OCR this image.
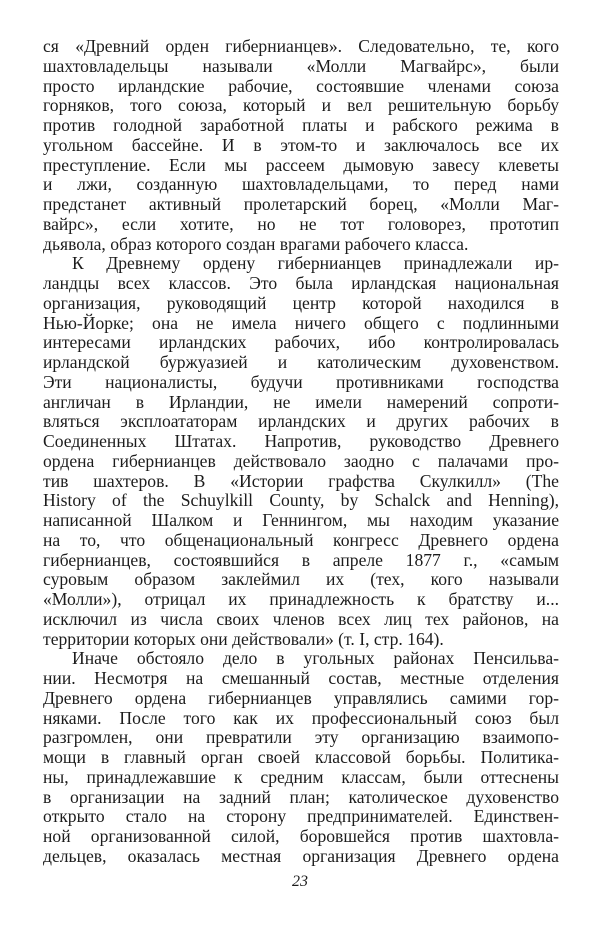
ся «Древний орден гибернианцев». Следовательно, те, кого
шахтовладельцы называли «Молли Магвайрс», были
просто ирландские рабочие, состоявшие членами союза
горняков, того союза, который и вел решительную борьбу
против голодной заработной платы и рабского режима в
угольном бассейне. И в этом-то и заключалось все их
преступление. Если мы рассеем дымовую завесу клеветы
и лжи, созданную шахтовладельцами, то перед нами
предстанет активный пролетарский борец, «Молли Маг-
вайрс», если хотите, но не тот головорез, прототип
дьявола, образ которого создан врагами рабочего класса.
К Древнему ордену гибернианцев принадлежали ир-
ландцы всех классов. Это была ирландская национальная
организация, руководящий центр которой находился в
Нью-Йорке; она не имела ничего общего с подлинными
интересами ирландских рабочих, ибо контролировалась
ирландской буржуазией и католическим духовенством.
Эти националисты, будучи противниками господства
англичан в Ирландии, не имели намерений сопроти-
вляться эксплоататорам ирландских и других рабочих в
Соединенных Штатах. Напротив, руководство Древнего
ордена гибернианцев действовало заодно с палачами про-
тив шахтеров. В «Истории графства Скулкилл» (The
History of the Schuylkill County, by Schalck and Henning),
написанной Шалком и Геннингом, мы находим указание
на то, что общенациональный конгресс Древнего ордена
гибернианцев, состоявшийся в апреле 1877 г., «самым
суровым образом заклеймил их (тех, кого называли
«Молли»), отрицал их принадлежность к братству и...
исключил из числа своих членов всех лиц тех районов, на
территории которых они действовали» (т. I, стр. 164).
Иначе обстояло дело в угольных районах Пенсильва-
нии. Несмотря на смешанный состав, местные отделения
Древнего ордена гибернианцев управлялись самими гор-
няками. После того как их профессиональный союз был
разгромлен, они превратили эту организацию взаимопо-
мощи в главный орган своей классовой борьбы. Политика-
ны, принадлежавшие к средним классам, были оттеснены
в организации на задний план; католическое духовенство
открыто стало на сторону предпринимателей. Единствен-
ной организованной силой, боровшейся против шахтовла-
дельцев, оказалась местная организация Древнего ордена
23
